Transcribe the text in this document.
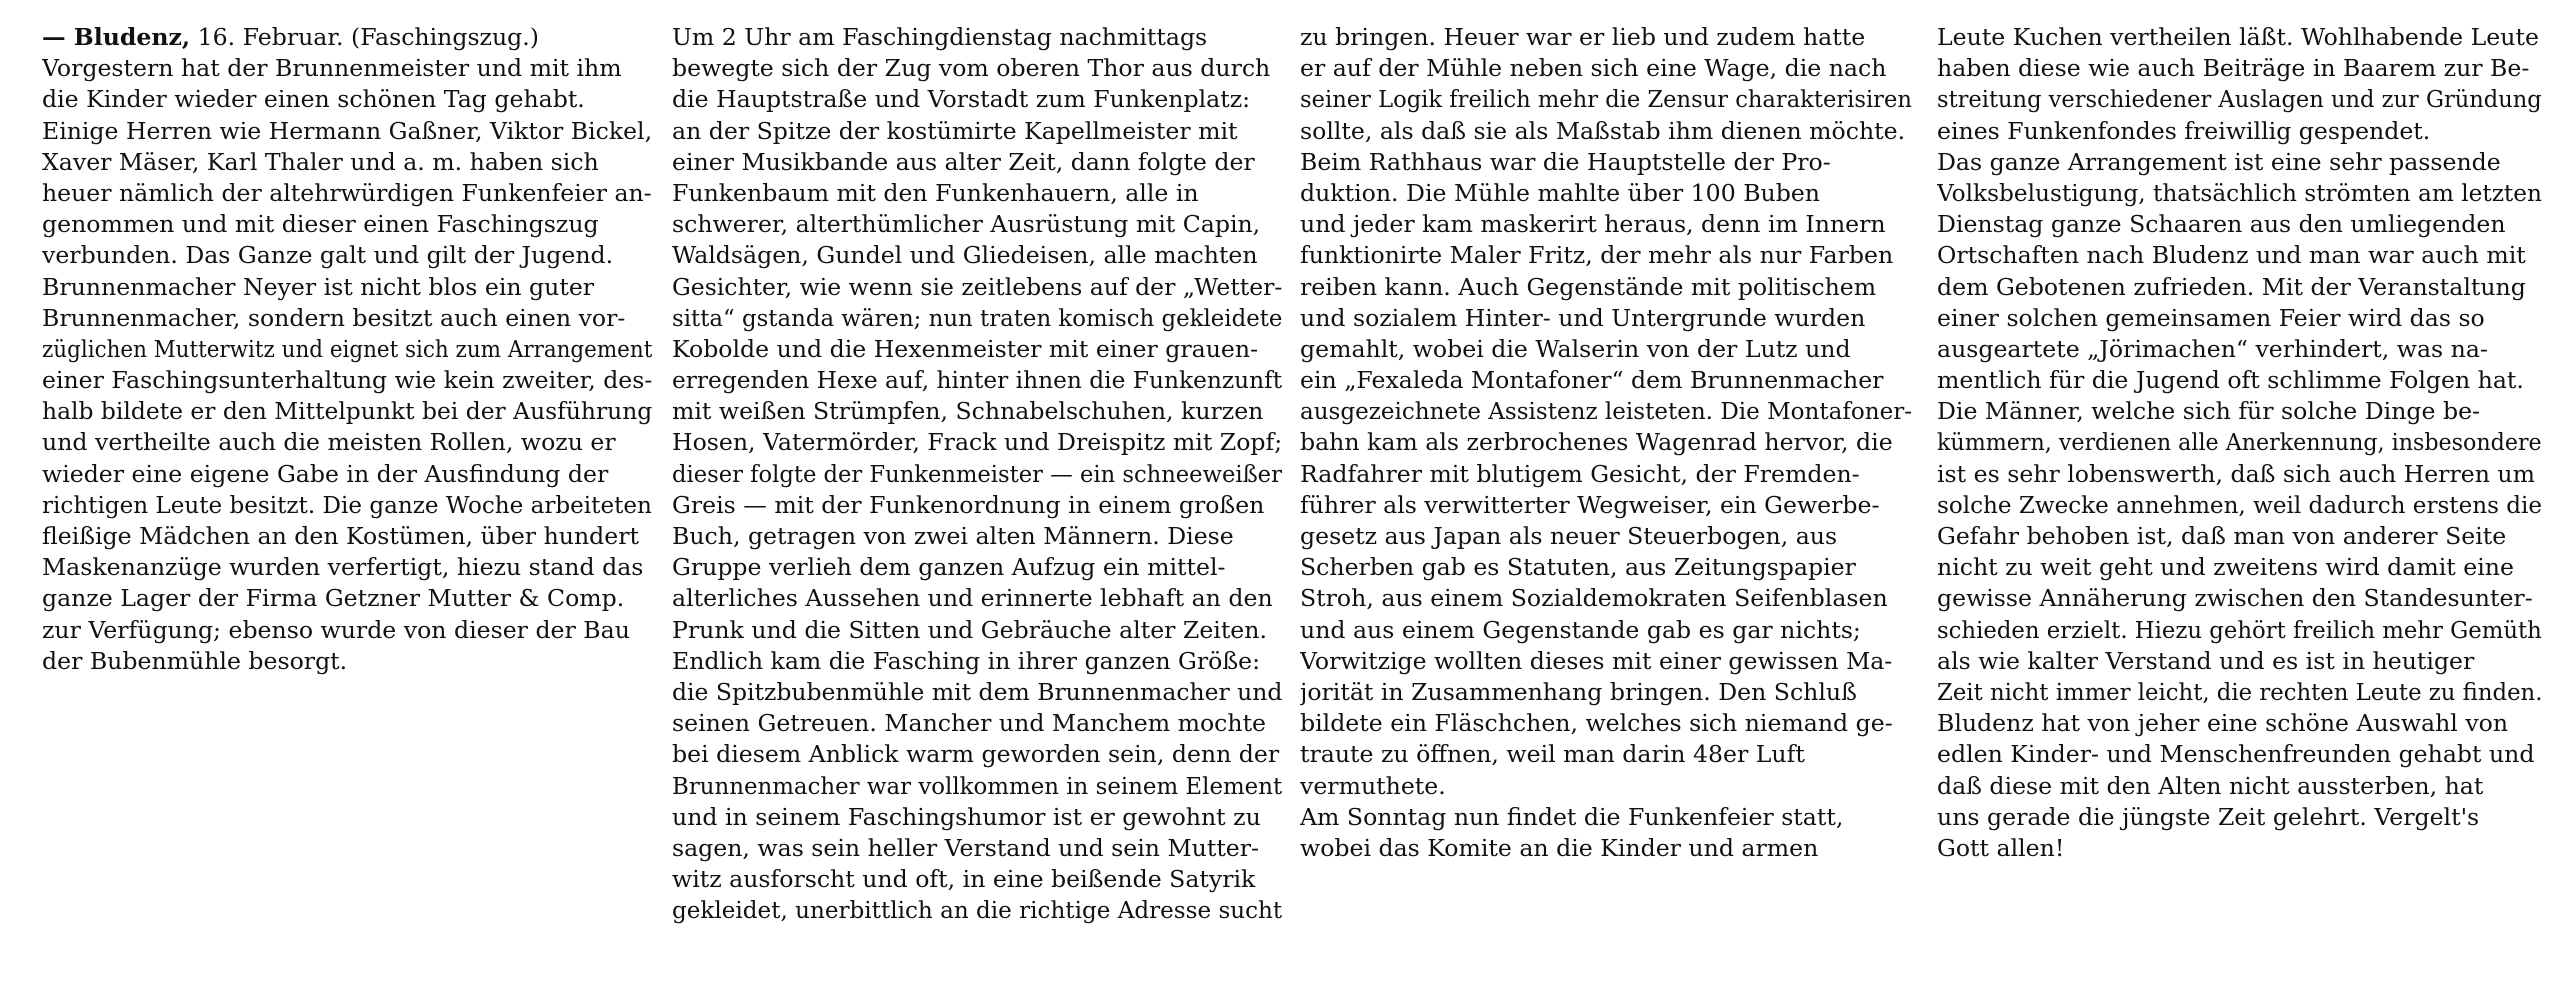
— Bludenz, 16. Februar. (Faschingszug.)
Vorgestern hat der Brunnenmeister und mit ihm
die Kinder wieder einen schönen Tag gehabt.
Einige Herren wie Hermann Gaßner, Viktor Bickel,
Xaver Mäser, Karl Thaler und a. m. haben sich
heuer nämlich der altehrwürdigen Funkenfeier an-
genommen und mit dieser einen Faschingszug
verbunden. Das Ganze galt und gilt der Jugend.
Brunnenmacher Neyer ist nicht blos ein guter
Brunnenmacher, sondern besitzt auch einen vor-
züglichen Mutterwitz und eignet sich zum Arrangement
einer Faschingsunterhaltung wie kein zweiter, des-
halb bildete er den Mittelpunkt bei der Ausführung
und vertheilte auch die meisten Rollen, wozu er
wieder eine eigene Gabe in der Ausfindung der
richtigen Leute besitzt. Die ganze Woche arbeiteten
fleißige Mädchen an den Kostümen, über hundert
Maskenanzüge wurden verfertigt, hiezu stand das
ganze Lager der Firma Getzner Mutter & Comp.
zur Verfügung; ebenso wurde von dieser der Bau
der Bubenmühle besorgt.
Um 2 Uhr am Faschingdienstag nachmittags
bewegte sich der Zug vom oberen Thor aus durch
die Hauptstraße und Vorstadt zum Funkenplatz:
an der Spitze der kostümirte Kapellmeister mit
einer Musikbande aus alter Zeit, dann folgte der
Funkenbaum mit den Funkenhauern, alle in
schwerer, alterthümlicher Ausrüstung mit Capin,
Waldsägen, Gundel und Gliedeisen, alle machten
Gesichter, wie wenn sie zeitlebens auf der „Wetter-
sitta“ gstanda wären; nun traten komisch gekleidete
Kobolde und die Hexenmeister mit einer grauen-
erregenden Hexe auf, hinter ihnen die Funkenzunft
mit weißen Strümpfen, Schnabelschuhen, kurzen
Hosen, Vatermörder, Frack und Dreispitz mit Zopf;
dieser folgte der Funkenmeister — ein schneeweißer
Greis — mit der Funkenordnung in einem großen
Buch, getragen von zwei alten Männern. Diese
Gruppe verlieh dem ganzen Aufzug ein mittel-
alterliches Aussehen und erinnerte lebhaft an den
Prunk und die Sitten und Gebräuche alter Zeiten.
Endlich kam die Fasching in ihrer ganzen Größe:
die Spitzbubenmühle mit dem Brunnenmacher und
seinen Getreuen. Mancher und Manchem mochte
bei diesem Anblick warm geworden sein, denn der
Brunnenmacher war vollkommen in seinem Element
und in seinem Faschingshumor ist er gewohnt zu
sagen, was sein heller Verstand und sein Mutter-
witz ausforscht und oft, in eine beißende Satyrik
gekleidet, unerbittlich an die richtige Adresse sucht
zu bringen. Heuer war er lieb und zudem hatte
er auf der Mühle neben sich eine Wage, die nach
seiner Logik freilich mehr die Zensur charakterisiren
sollte, als daß sie als Maßstab ihm dienen möchte.
Beim Rathhaus war die Hauptstelle der Pro-
duktion. Die Mühle mahlte über 100 Buben
und jeder kam maskerirt heraus, denn im Innern
funktionirte Maler Fritz, der mehr als nur Farben
reiben kann. Auch Gegenstände mit politischem
und sozialem Hinter- und Untergrunde wurden
gemahlt, wobei die Walserin von der Lutz und
ein „Fexaleda Montafoner“ dem Brunnenmacher
ausgezeichnete Assistenz leisteten. Die Montafoner-
bahn kam als zerbrochenes Wagenrad hervor, die
Radfahrer mit blutigem Gesicht, der Fremden-
führer als verwitterter Wegweiser, ein Gewerbe-
gesetz aus Japan als neuer Steuerbogen, aus
Scherben gab es Statuten, aus Zeitungspapier
Stroh, aus einem Sozialdemokraten Seifenblasen
und aus einem Gegenstande gab es gar nichts;
Vorwitzige wollten dieses mit einer gewissen Ma-
jorität in Zusammenhang bringen. Den Schluß
bildete ein Fläschchen, welches sich niemand ge-
traute zu öffnen, weil man darin 48er Luft
vermuthete.
Am Sonntag nun findet die Funkenfeier statt,
wobei das Komite an die Kinder und armen
Leute Kuchen vertheilen läßt. Wohlhabende Leute
haben diese wie auch Beiträge in Baarem zur Be-
streitung verschiedener Auslagen und zur Gründung
eines Funkenfondes freiwillig gespendet.
Das ganze Arrangement ist eine sehr passende
Volksbelustigung, thatsächlich strömten am letzten
Dienstag ganze Schaaren aus den umliegenden
Ortschaften nach Bludenz und man war auch mit
dem Gebotenen zufrieden. Mit der Veranstaltung
einer solchen gemeinsamen Feier wird das so
ausgeartete „Jörimachen“ verhindert, was na-
mentlich für die Jugend oft schlimme Folgen hat.
Die Männer, welche sich für solche Dinge be-
kümmern, verdienen alle Anerkennung, insbesondere
ist es sehr lobenswerth, daß sich auch Herren um
solche Zwecke annehmen, weil dadurch erstens die
Gefahr behoben ist, daß man von anderer Seite
nicht zu weit geht und zweitens wird damit eine
gewisse Annäherung zwischen den Standesunter-
schieden erzielt. Hiezu gehört freilich mehr Gemüth
als wie kalter Verstand und es ist in heutiger
Zeit nicht immer leicht, die rechten Leute zu finden.
Bludenz hat von jeher eine schöne Auswahl von
edlen Kinder- und Menschenfreunden gehabt und
daß diese mit den Alten nicht aussterben, hat
uns gerade die jüngste Zeit gelehrt. Vergelt's
Gott allen!
